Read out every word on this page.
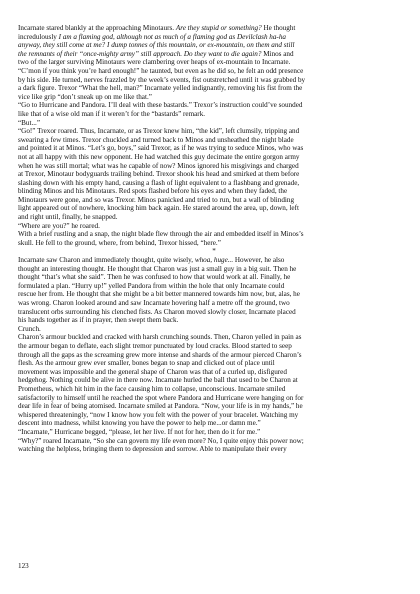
Incarnate stared blankly at the approaching Minotaurs. Are they stupid or something? He thought

incredulously I am a flaming god, although not as much of a flaming god as Devilclash ha-ha

anyway, they still come at me? I dump tonnes of this mountain, or ex-mountain, on them and still

the remnants of their “once-mighty army” still approach. Do they want to die again? Minos and

two of the larger surviving Minotaurs were clambering over heaps of ex-mountain to Incarnate.

“C’mon if you think you’re hard enough!” he taunted, but even as he did so, he felt an odd presence

by his side. He turned, nerves frazzled by the week’s events, fist outstretched until it was grabbed by

a dark figure. Trexor “What the hell, man?” Incarnate yelled indignantly, removing his fist from the

vice like grip “don’t sneak up on me like that.”

“Go to Hurricane and Pandora. I’ll deal with these bastards.” Trexor’s instruction could’ve sounded

like that of a wise old man if it weren’t for the “bastards” remark.

“But...”

“Go!” Trexor roared. Thus, Incarnate, or as Trexor knew him, “the kid”, left clumsily, tripping and

swearing a few times. Trexor chuckled and turned back to Minos and unsheathed the night blade

and pointed it at Minos. “Let’s go, boys,” said Trexor, as if he was trying to seduce Minos, who was

not at all happy with this new opponent. He had watched this guy decimate the entire gorgon army

when he was still mortal; what was he capable of now? Minos ignored his misgivings and charged

at Trexor, Minotaur bodyguards trailing behind. Trexor shook his head and smirked at them before

slashing down with his empty hand, causing a flash of light equivalent to a flashbang and grenade,

blinding Minos and his Minotaurs. Red spots flashed before his eyes and when they faded, the

Minotaurs were gone, and so was Trexor. Minos panicked and tried to run, but a wall of blinding

light appeared out of nowhere, knocking him back again. He stared around the area, up, down, left

and right until, finally, he snapped.

“Where are you?” he roared.

With a brief rustling and a snap, the night blade flew through the air and embedded itself in Minos’s

skull. He fell to the ground, where, from behind, Trexor hissed, “here.”

*

Incarnate saw Charon and immediately thought, quite wisely, whoa, huge... However, he also

thought an interesting thought. He thought that Charon was just a small guy in a big suit. Then he

thought “that’s what she said”. Then he was confused to how that would work at all. Finally, he

formulated a plan. “Hurry up!” yelled Pandora from within the hole that only Incarnate could

rescue her from. He thought that she might be a bit better mannered towards him now, but, alas, he

was wrong. Charon looked around and saw Incarnate hovering half a metre off the ground, two

translucent orbs surrounding his clenched fists. As Charon moved slowly closer, Incarnate placed

his hands together as if in prayer, then swept them back.

Crunch.

Charon’s armour buckled and cracked with harsh crunching sounds. Then, Charon yelled in pain as

the armour began to deflate, each slight tremor punctuated by loud cracks. Blood started to seep

through all the gaps as the screaming grew more intense and shards of the armour pierced Charon’s

flesh. As the armour grew ever smaller, bones began to snap and clicked out of place until

movement was impossible and the general shape of Charon was that of a curled up, disfigured

hedgehog. Nothing could be alive in there now. Incarnate hurled the ball that used to be Charon at

Prometheus, which hit him in the face causing him to collapse, unconscious. Incarnate smiled

satisfactorily to himself until he reached the spot where Pandora and Hurricane were hanging on for

dear life in fear of being atomised. Incarnate smiled at Pandora. “Now, your life is in my hands,” he

whispered threateningly, “now I know how you felt with the power of your bracelet. Watching my

descent into madness, whilst knowing you have the power to help me...or damn me.”

“Incarnate,” Hurricane begged, “please, let her live. If not for her, then do it for me.”

“Why?” roared Incarnate, “So she can govern my life even more? No, I quite enjoy this power now;

watching the helpless, bringing them to depression and sorrow. Able to manipulate their every

123
